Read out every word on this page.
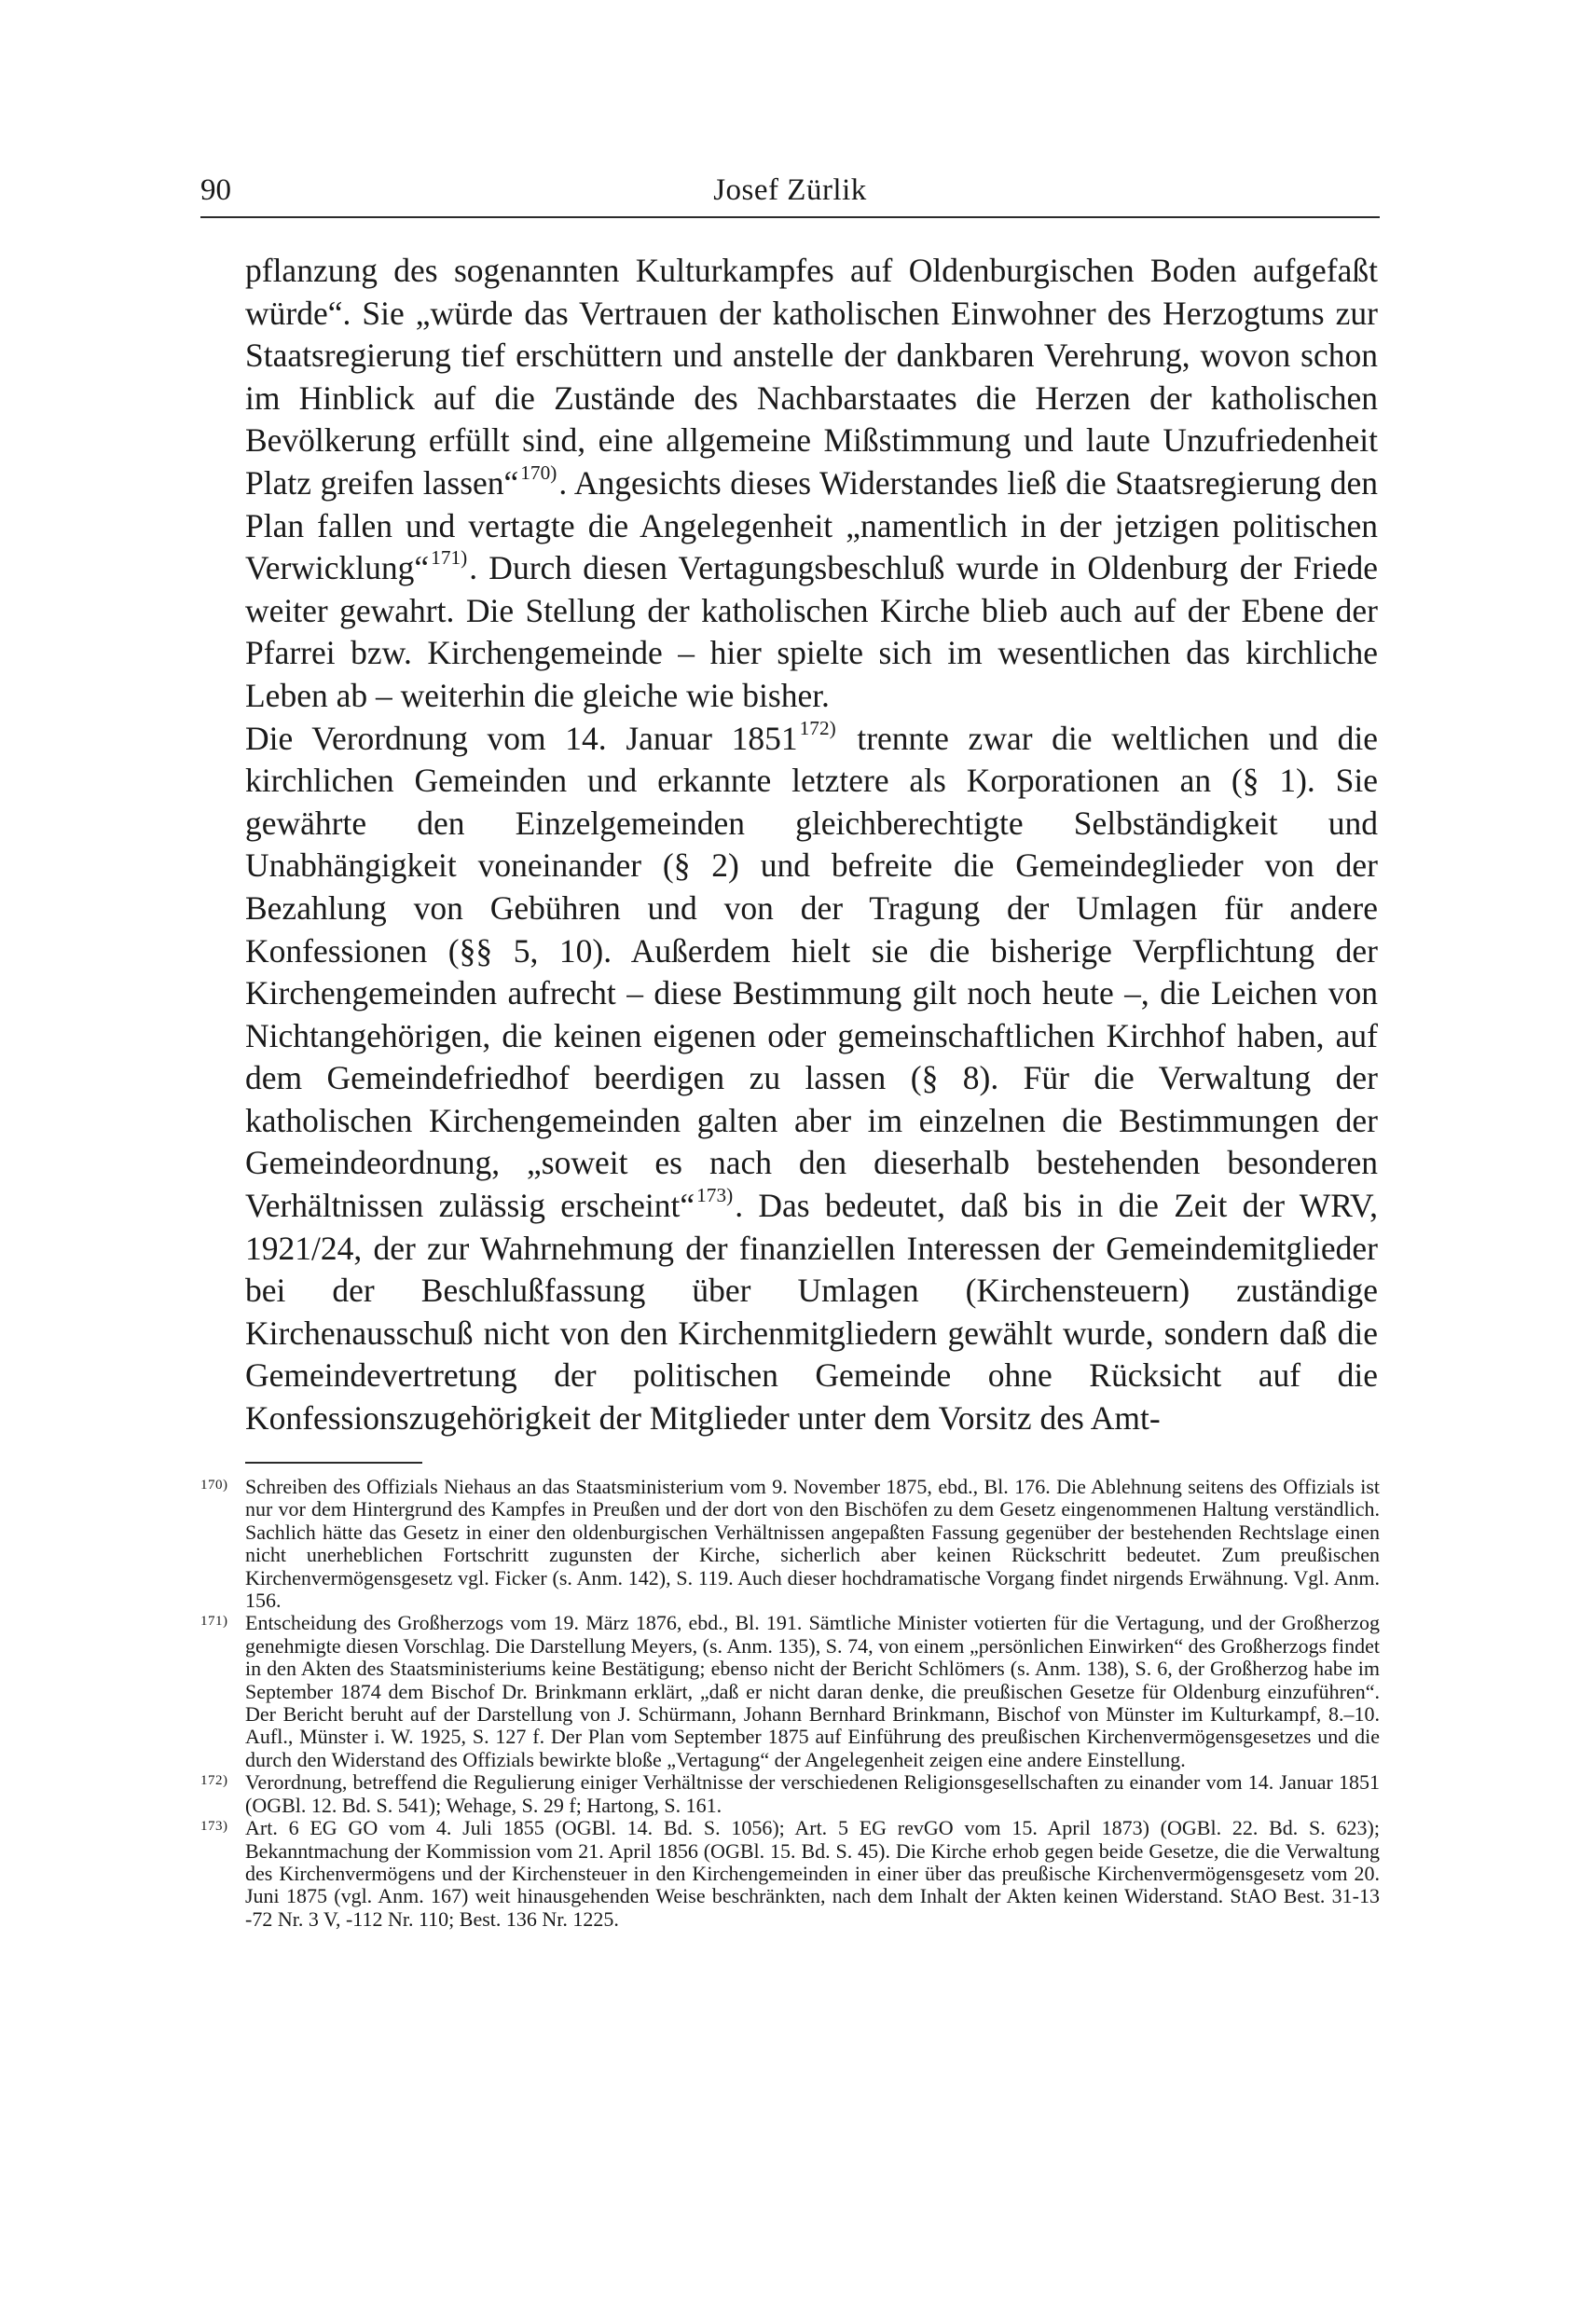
90	Josef Zürlik

pflanzung des sogenannten Kulturkampfes auf Oldenburgischen Boden aufgefaßt würde“. Sie „würde das Vertrauen der katholischen Einwohner des Herzogtums zur Staatsregierung tief erschüttern und anstelle der dankbaren Verehrung, wovon schon im Hinblick auf die Zustände des Nachbarstaates die Herzen der katholischen Bevölkerung erfüllt sind, eine allgemeine Mißstimmung und laute Unzufriedenheit Platz greifen lassen“$^{170)}$. Angesichts dieses Widerstandes ließ die Staatsregierung den Plan fallen und vertagte die Angelegenheit „namentlich in der jetzigen politischen Verwicklung“$^{171)}$. Durch diesen Vertagungsbeschluß wurde in Oldenburg der Friede weiter gewahrt. Die Stellung der katholischen Kirche blieb auch auf der Ebene der Pfarrei bzw. Kirchengemeinde – hier spielte sich im wesentlichen das kirchliche Leben ab – weiterhin die gleiche wie bisher.

Die Verordnung vom 14. Januar 1851$^{172)}$ trennte zwar die weltlichen und die kirchlichen Gemeinden und erkannte letztere als Korporationen an (§ 1). Sie gewährte den Einzelgemeinden gleichberechtigte Selbständigkeit und Unabhängigkeit voneinander (§ 2) und befreite die Gemeindeglieder von der Bezahlung von Gebühren und von der Tragung der Umlagen für andere Konfessionen (§§ 5, 10). Außerdem hielt sie die bisherige Verpflichtung der Kirchengemeinden aufrecht – diese Bestimmung gilt noch heute –, die Leichen von Nichtangehörigen, die keinen eigenen oder gemeinschaftlichen Kirchhof haben, auf dem Gemeindefriedhof beerdigen zu lassen (§ 8). Für die Verwaltung der katholischen Kirchengemeinden galten aber im einzelnen die Bestimmungen der Gemeindeordnung, „soweit es nach den dieserhalb bestehenden besonderen Verhältnissen zulässig erscheint“$^{173)}$. Das bedeutet, daß bis in die Zeit der WRV, 1921/24, der zur Wahrnehmung der finanziellen Interessen der Gemeindemitglieder bei der Beschlußfassung über Umlagen (Kirchensteuern) zuständige Kirchenausschuß nicht von den Kirchenmitgliedern gewählt wurde, sondern daß die Gemeindevertretung der politischen Gemeinde ohne Rücksicht auf die Konfessionszugehörigkeit der Mitglieder unter dem Vorsitz des Amt-

170) Schreiben des Offizials Niehaus an das Staatsministerium vom 9. November 1875, ebd., Bl. 176. Die Ablehnung seitens des Offizials ist nur vor dem Hintergrund des Kampfes in Preußen und der dort von den Bischöfen zu dem Gesetz eingenommenen Haltung verständlich. Sachlich hätte das Gesetz in einer den oldenburgischen Verhältnissen angepaßten Fassung gegenüber der bestehenden Rechtslage einen nicht unerheblichen Fortschritt zugunsten der Kirche, sicherlich aber keinen Rückschritt bedeutet. Zum preußischen Kirchenvermögensgesetz vgl. Ficker (s. Anm. 142), S. 119. Auch dieser hochdramatische Vorgang findet nirgends Erwähnung. Vgl. Anm. 156.

171) Entscheidung des Großherzogs vom 19. März 1876, ebd., Bl. 191. Sämtliche Minister votierten für die Vertagung, und der Großherzog genehmigte diesen Vorschlag. Die Darstellung Meyers, (s. Anm. 135), S. 74, von einem „persönlichen Einwirken“ des Großherzogs findet in den Akten des Staatsministeriums keine Bestätigung; ebenso nicht der Bericht Schlömers (s. Anm. 138), S. 6, der Großherzog habe im September 1874 dem Bischof Dr. Brinkmann erklärt, „daß er nicht daran denke, die preußischen Gesetze für Oldenburg einzuführen“. Der Bericht beruht auf der Darstellung von J. Schürmann, Johann Bernhard Brinkmann, Bischof von Münster im Kulturkampf, 8.–10. Aufl., Münster i. W. 1925, S. 127 f. Der Plan vom September 1875 auf Einführung des preußischen Kirchenvermögensgesetzes und die durch den Widerstand des Offizials bewirkte bloße „Vertagung“ der Angelegenheit zeigen eine andere Einstellung.

172) Verordnung, betreffend die Regulierung einiger Verhältnisse der verschiedenen Religionsgesellschaften zu einander vom 14. Januar 1851 (OGBl. 12. Bd. S. 541); Wehage, S. 29 f; Hartong, S. 161.

173) Art. 6 EG GO vom 4. Juli 1855 (OGBl. 14. Bd. S. 1056); Art. 5 EG revGO vom 15. April 1873) (OGBl. 22. Bd. S. 623); Bekanntmachung der Kommission vom 21. April 1856 (OGBl. 15. Bd. S. 45). Die Kirche erhob gegen beide Gesetze, die die Verwaltung des Kirchenvermögens und der Kirchensteuer in den Kirchengemeinden in einer über das preußische Kirchenvermögensgesetz vom 20. Juni 1875 (vgl. Anm. 167) weit hinausgehenden Weise beschränkten, nach dem Inhalt der Akten keinen Widerstand. StAO Best. 31-13 -72 Nr. 3 V, -112 Nr. 110; Best. 136 Nr. 1225.
